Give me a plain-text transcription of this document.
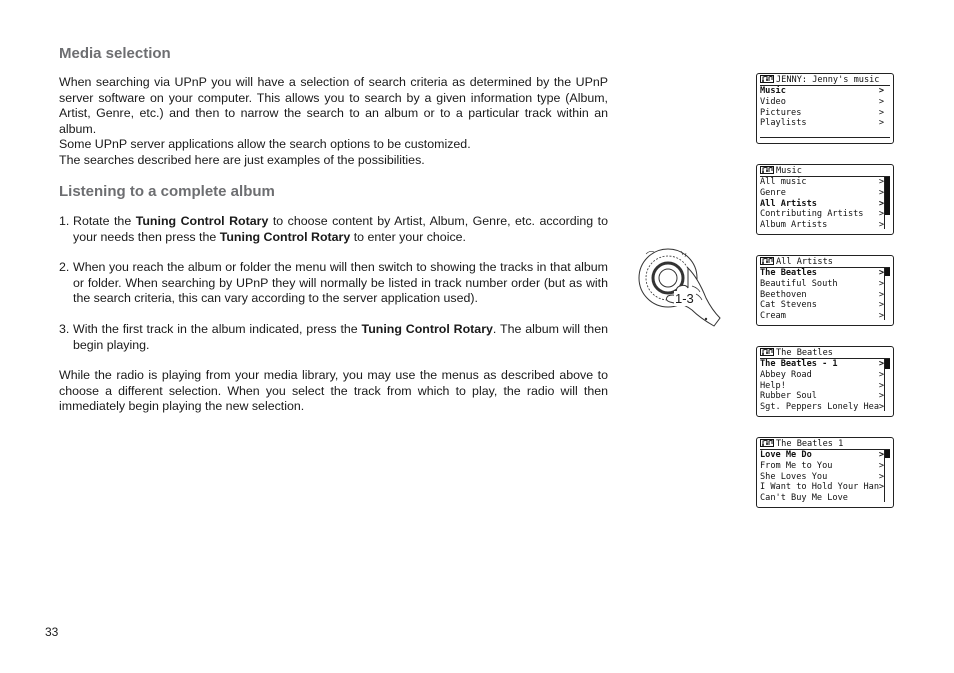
Media selection

When searching via UPnP you will have a selection of search criteria as determined by the UPnP server software on your computer. This allows you to search by a given information type (Album, Artist, Genre, etc.) and then to narrow the search to an album or to a particular track within an album.

Some UPnP server applications allow the search options to be customized.

The searches described here are just examples of the possibilities.

Listening to a complete album
1. Rotate the Tuning Control Rotary to choose content by Artist, Album, Genre, etc. according to your needs then press the Tuning Control Rotary to enter your choice.
2. When you reach the album or folder the menu will then switch to showing the tracks in that album or folder. When searching by UPnP they will normally be listed in track number order (but as with the search criteria, this can vary according to the server application used).
3. With the first track in the album indicated, press the Tuning Control Rotary. The album will then begin playing.

While the radio is playing from your media library, you may use the menus as described above to choose a different selection. When you select the track from which to play, the radio will then immediately begin playing the new selection.

33
1-3
JENNY: Jenny's music
Music	>
Video	>
Pictures	>
Playlists	>
Music
All music	>
Genre	>
All Artists	>
Contributing Artists >
Album Artists	>
All Artists
The Beatles	>
Beautiful South	>
Beethoven	>
Cat Stevens	>
Cream	>
The Beatles
The Beatles - 1	>
Abbey Road	>
Help!	>
Rubber Soul	>
Sgt. Peppers Lonely Hea >
The Beatles 1
Love Me Do	>
From Me to You	>
She Loves You	>
I Want to Hold Your Han >
Can't Buy Me Love
